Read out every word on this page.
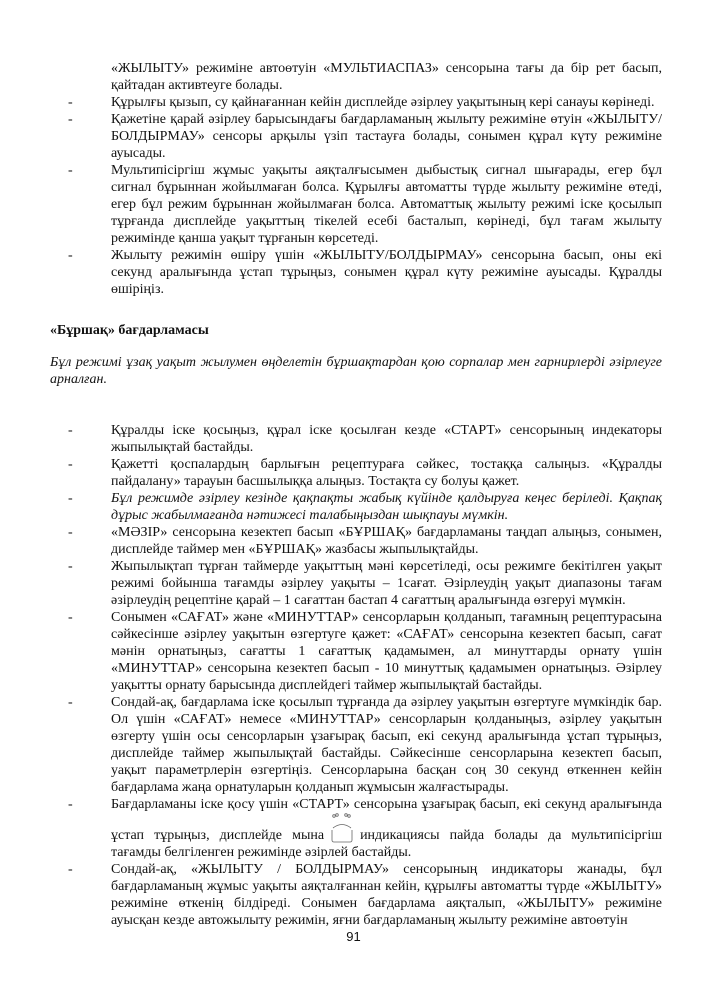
«ЖЫЛЫТУ» режиміне автоөтуін «МУЛЬТИАСПАЗ» сенсорына тағы да бір рет басып, қайтадан активтеуге болады.
-	Құрылғы қызып, су қайнағаннан кейін дисплейде әзірлеу уақытының кері санауы көрінеді.
-	Қажетіне қарай әзірлеу барысындағы бағдарламаның жылыту режиміне өтуін «ЖЫЛЫТУ/БОЛДЫРМАУ» сенсоры арқылы үзіп тастауға болады, сонымен құрал күту режиміне ауысады.
-	Мультипісіргіш жұмыс уақыты аяқталғысымен дыбыстық сигнал шығарады, егер бұл сигнал бұрыннан жойылмаған болса. Құрылғы автоматты түрде жылыту режиміне өтеді, егер бұл режим бұрыннан жойылмаған болса. Автоматтық жылыту режимі іске қосылып тұрғанда дисплейде уақыттың тікелей есебі басталып, көрінеді, бұл тағам жылыту режимінде қанша уақыт тұрғанын көрсетеді.
-	Жылыту режимін өшіру үшін «ЖЫЛЫТУ/БОЛДЫРМАУ» сенсорына басып, оны екі секунд аралығында ұстап тұрыңыз, сонымен құрал күту режиміне ауысады. Құралды өшіріңіз.
«Бұршақ» бағдарламасы
Бұл режимі ұзақ уақыт жылумен өңделетін бұршақтардан қою сорпалар мен гарнирлерді әзірлеуге арналған.
-	Құралды іске қосыңыз, құрал іске қосылған кезде «СТАРТ» сенсорының индекаторы жыпылықтай бастайды.
-	Қажетті қоспалардың барлығын рецептураға сәйкес, тостаққа салыңыз. «Құралды пайдалану» тарауын басшылыққа алыңыз. Тостақта су болуы қажет.
-	Бұл режимде әзірлеу кезінде қақпақты жабық күйінде қалдыруға кеңес беріледі. Қақпақ дұрыс жабылмағанда нәтижесі талабыңыздан шықпауы мүмкін.
-	«МӘЗІР» сенсорына кезектеп басып «БҰРШАҚ» бағдарламаны таңдап алыңыз, сонымен, дисплейде таймер мен «БҰРШАҚ» жазбасы жыпылықтайды.
-	Жыпылықтап тұрған таймерде уақыттың мәні көрсетіледі, осы режимге бекітілген уақыт режимі бойынша тағамды әзірлеу уақыты – 1сағат. Әзірлеудің уақыт диапазоны тағам әзірлеудің рецептіне қарай – 1 сағаттан бастап 4 сағаттың аралығында өзгеруі мүмкін.
-	Сонымен «САҒАТ» және «МИНУТТАР» сенсорларын қолданып, тағамның рецептурасына сәйкесінше әзірлеу уақытын өзгертуге қажет: «САҒАТ» сенсорына кезектеп басып, сағат мәнін орнатыңыз, сағатты 1 сағаттық қадамымен, ал минуттарды орнату үшін «МИНУТТАР» сенсорына кезектеп басып - 10 минуттық қадамымен орнатыңыз. Әзірлеу уақытты орнату барысында дисплейдегі таймер жыпылықтай бастайды.
-	Сондай-ақ, бағдарлама іске қосылып тұрғанда да әзірлеу уақытын өзгертуге мүмкіндік бар. Ол үшін «САҒАТ» немесе «МИНУТТАР» сенсорларын қолданыңыз, әзірлеу уақытын өзгерту үшін осы сенсорларын ұзағырақ басып, екі секунд аралығында ұстап тұрыңыз, дисплейде таймер жыпылықтай бастайды. Сәйкесінше сенсорларына кезектеп басып, уақыт параметрлерін өзгертіңіз. Сенсорларына басқан соң 30 секунд өткеннен кейін бағдарлама жаңа орнатуларын қолданып жұмысын жалғастырады.
-	Бағдарламаны іске қосу үшін «СТАРТ» сенсорына ұзағырақ басып, екі секунд аралығында ұстап тұрыңыз, дисплейде мына	индикациясы пайда болады да мультипісіргіш тағамды белгіленген режимінде әзірлей бастайды.
-	Сондай-ақ, «ЖЫЛЫТУ / БОЛДЫРМАУ» сенсорының индикаторы жанады, бұл бағдарламаның жұмыс уақыты аяқталғаннан кейін, құрылғы автоматты түрде «ЖЫЛЫТУ» режиміне өткенің білдіреді. Сонымен бағдарлама аяқталып, «ЖЫЛЫТУ» режиміне ауысқан кезде автожылыту режимін, яғни бағдарламаның жылыту режиміне автоөтуін
91
